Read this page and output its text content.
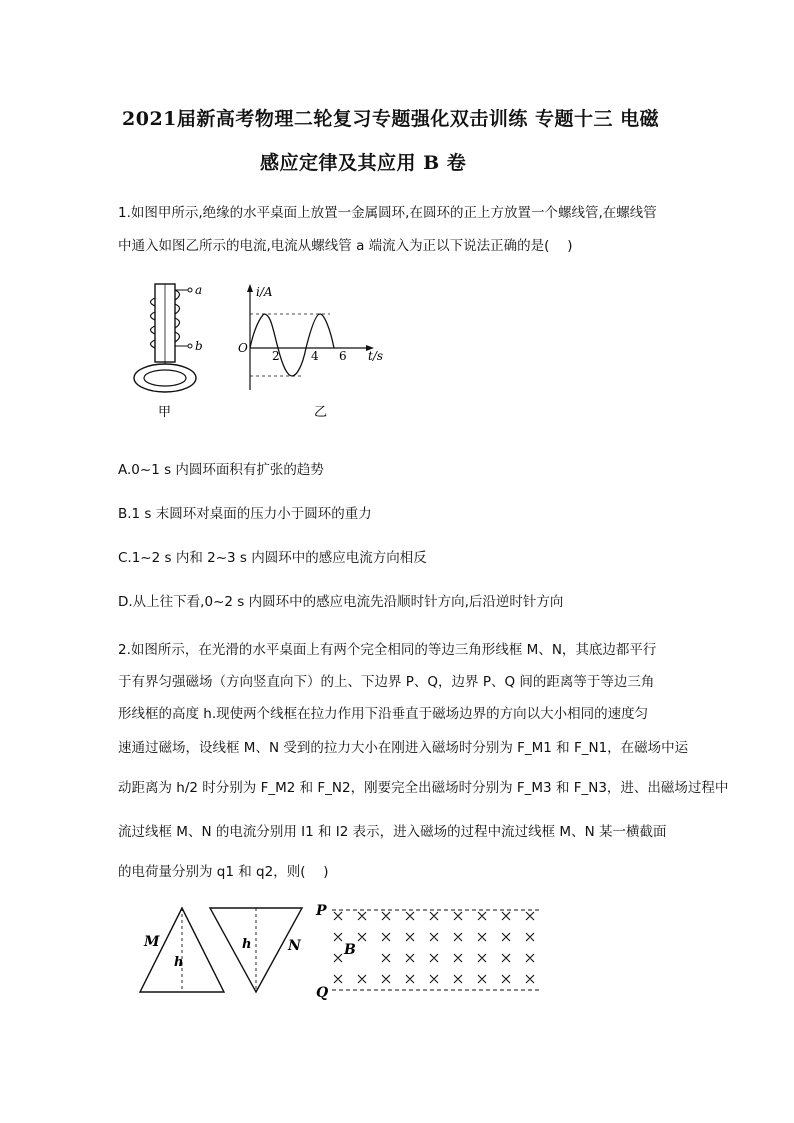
2021届新高考物理二轮复习专题强化双击训练 专题十三 电磁
感应定律及其应用 B 卷
1.如图甲所示,绝缘的水平桌面上放置一金属圆环,在圆环的正上方放置一个螺线管,在螺线管
中通入如图乙所示的电流,电流从螺线管 a 端流入为正以下说法正确的是(　 )
a
b
甲
i/A
t/s
O
2	4 6
乙
A.0~1 s 内圆环面积有扩张的趋势
B.1 s 末圆环对桌面的压力小于圆环的重力
C.1~2 s 内和 2~3 s 内圆环中的感应电流方向相反
D.从上往下看,0~2 s 内圆环中的感应电流先沿顺时针方向,后沿逆时针方向
2.如图所示，在光滑的水平桌面上有两个完全相同的等边三角形线框 M、N，其底边都平行
于有界匀强磁场（方向竖直向下）的上、下边界 P、Q，边界 P、Q 间的距离等于等边三角
形线框的高度 h.现使两个线框在拉力作用下沿垂直于磁场边界的方向以大小相同的速度匀
速通过磁场，设线框 M、N 受到的拉力大小在刚进入磁场时分别为 F_M1 和 F_N1，在磁场中运
动距离为 h/2 时分别为 F_M2 和 F_N2，刚要完全出磁场时分别为 F_M3 和 F_N3，进、出磁场过程中
流过线框 M、N 的电流分别用 I1 和 I2 表示，进入磁场的过程中流过线框 M、N 某一横截面
的电荷量分别为 q1 和 q2，则(　 )
M
h
N
h
P
Q
B
